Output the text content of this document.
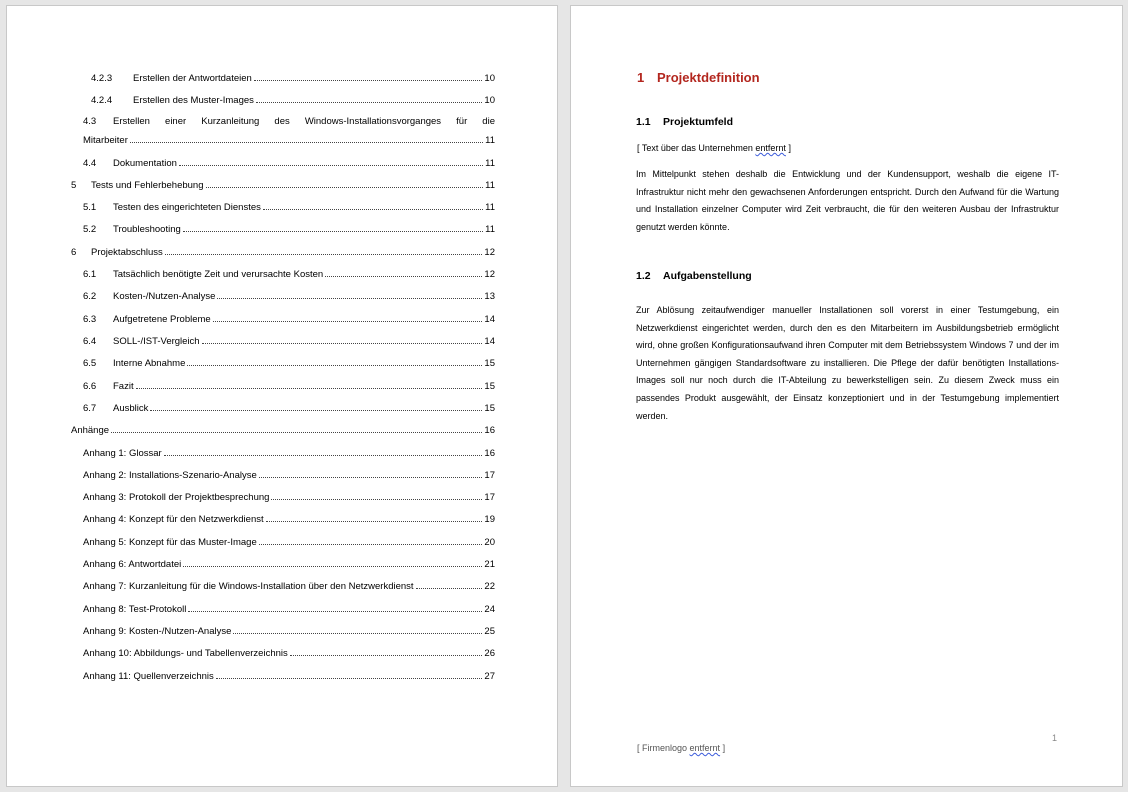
4.2.3	Erstellen der Antwortdateien	10
4.2.4	Erstellen des Muster-Images	10
4.3	Erstellen einer Kurzanleitung des Windows-Installationsvorganges für die
Mitarbeiter	11
4.4	Dokumentation	11
5	Tests und Fehlerbehebung	11
5.1	Testen des eingerichteten Dienstes	11
5.2	Troubleshooting	11
6	Projektabschluss	12
6.1	Tatsächlich benötigte Zeit und verursachte Kosten	12
6.2	Kosten-/Nutzen-Analyse	13
6.3	Aufgetretene Probleme	14
6.4	SOLL-/IST-Vergleich	14
6.5	Interne Abnahme	15
6.6	Fazit	15
6.7	Ausblick	15
Anhänge	16
Anhang 1: Glossar	16
Anhang 2: Installations-Szenario-Analyse	17
Anhang 3: Protokoll der Projektbesprechung	17
Anhang 4: Konzept für den Netzwerkdienst	19
Anhang 5: Konzept für das Muster-Image	20
Anhang 6: Antwortdatei	21
Anhang 7: Kurzanleitung für die Windows-Installation über den Netzwerkdienst	22
Anhang 8: Test-Protokoll	24
Anhang 9: Kosten-/Nutzen-Analyse	25
Anhang 10: Abbildungs- und Tabellenverzeichnis	26
Anhang 11: Quellenverzeichnis	27
1 Projektdefinition
1.1 Projektumfeld
[ Text über das Unternehmen entfernt ]
Im Mittelpunkt stehen deshalb die Entwicklung und der Kundensupport, weshalb die eigene IT-Infrastruktur nicht mehr den gewachsenen Anforderungen entspricht. Durch den Aufwand für die Wartung und Installation einzelner Computer wird Zeit verbraucht, die für den weiteren Ausbau der Infrastruktur genutzt werden könnte.
1.2 Aufgabenstellung
Zur Ablösung zeitaufwendiger manueller Installationen soll vorerst in einer Testumgebung, ein Netzwerkdienst eingerichtet werden, durch den es den Mitarbeitern im Ausbildungsbetrieb ermöglicht wird, ohne großen Konfigurationsaufwand ihren Computer mit dem Betriebssystem Windows 7 und der im Unternehmen gängigen Standardsoftware zu installieren. Die Pflege der dafür benötigten Installations-Images soll nur noch durch die IT-Abteilung zu bewerkstelligen sein. Zu diesem Zweck muss ein passendes Produkt ausgewählt, der Einsatz konzeptioniert und in der Testumgebung implementiert werden.
1
[ Firmenlogo entfernt ]
